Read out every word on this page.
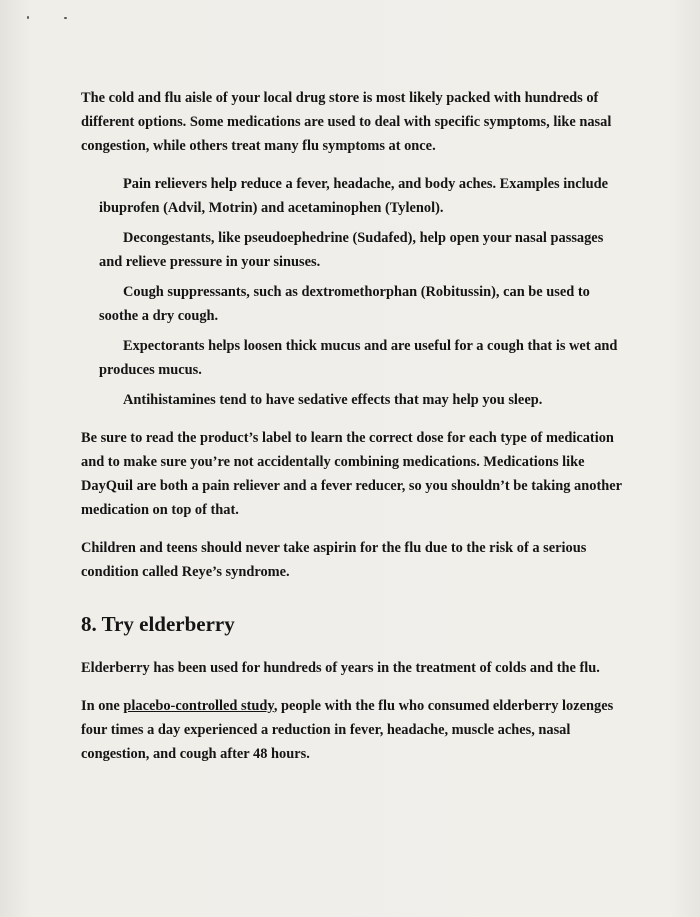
The cold and flu aisle of your local drug store is most likely packed with hundreds of different options. Some medications are used to deal with specific symptoms, like nasal congestion, while others treat many flu symptoms at once.

Pain relievers help reduce a fever, headache, and body aches. Examples include ibuprofen (Advil, Motrin) and acetaminophen (Tylenol).

Decongestants, like pseudoephedrine (Sudafed), help open your nasal passages and relieve pressure in your sinuses.

Cough suppressants, such as dextromethorphan (Robitussin), can be used to soothe a dry cough.

Expectorants helps loosen thick mucus and are useful for a cough that is wet and produces mucus.

Antihistamines tend to have sedative effects that may help you sleep.

Be sure to read the product’s label to learn the correct dose for each type of medication and to make sure you’re not accidentally combining medications. Medications like DayQuil are both a pain reliever and a fever reducer, so you shouldn’t be taking another medication on top of that.

Children and teens should never take aspirin for the flu due to the risk of a serious condition called Reye’s syndrome.

8. Try elderberry

Elderberry has been used for hundreds of years in the treatment of colds and the flu.

In one placebo-controlled study, people with the flu who consumed elderberry lozenges four times a day experienced a reduction in fever, headache, muscle aches, nasal congestion, and cough after 48 hours.
